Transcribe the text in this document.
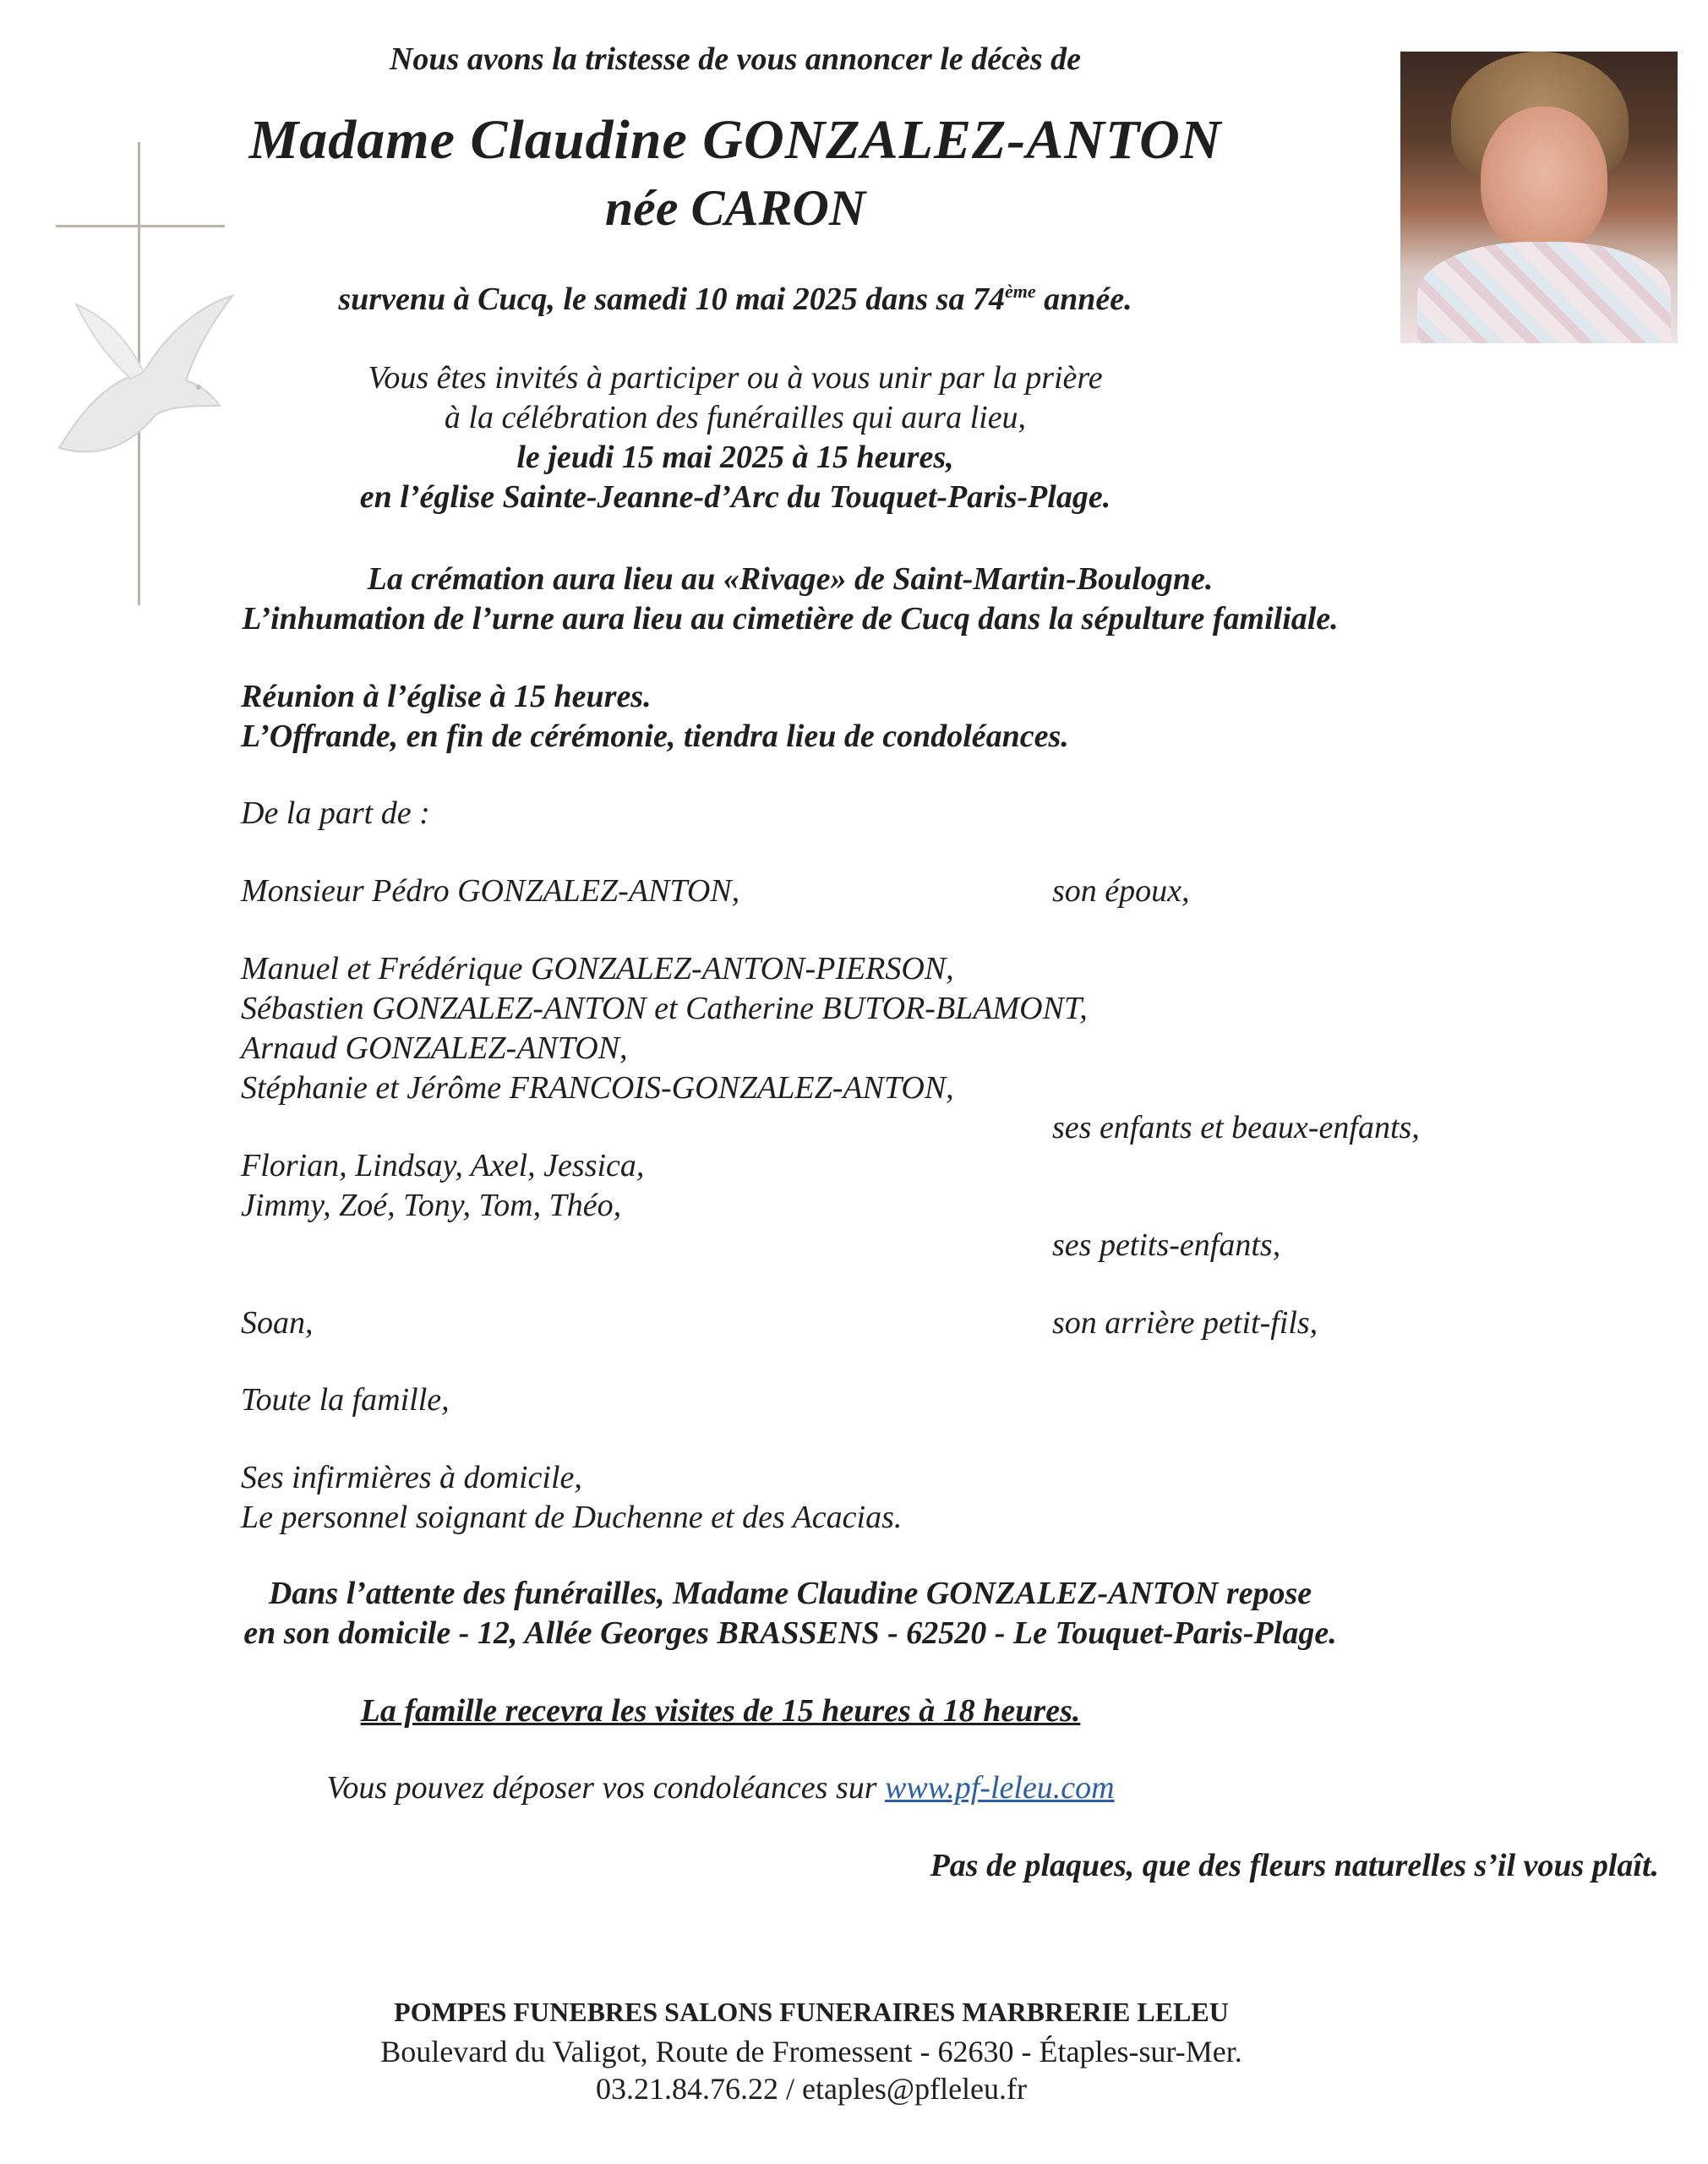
Nous avons la tristesse de vous annoncer le décès de
Madame Claudine GONZALEZ-ANTON
née CARON
survenu à Cucq, le samedi 10 mai 2025 dans sa 74ème année.
Vous êtes invités à participer ou à vous unir par la prière
à la célébration des funérailles qui aura lieu,
le jeudi 15 mai 2025 à 15 heures,
en l’église Sainte-Jeanne-d’Arc du Touquet-Paris-Plage.
La crémation aura lieu au «Rivage» de Saint-Martin-Boulogne.
L’inhumation de l’urne aura lieu au cimetière de Cucq dans la sépulture familiale.
Réunion à l’église à 15 heures.
L’Offrande, en fin de cérémonie, tiendra lieu de condoléances.
De la part de :
Monsieur Pédro GONZALEZ-ANTON,	son époux,
Manuel et Frédérique GONZALEZ-ANTON-PIERSON,
Sébastien GONZALEZ-ANTON et Catherine BUTOR-BLAMONT,
Arnaud GONZALEZ-ANTON,
Stéphanie et Jérôme FRANCOIS-GONZALEZ-ANTON,
ses enfants et beaux-enfants,
Florian, Lindsay, Axel, Jessica,
Jimmy, Zoé, Tony, Tom, Théo,
ses petits-enfants,
Soan,	son arrière petit-fils,
Toute la famille,
Ses infirmières à domicile,
Le personnel soignant de Duchenne et des Acacias.
Dans l’attente des funérailles, Madame Claudine GONZALEZ-ANTON repose
en son domicile - 12, Allée Georges BRASSENS - 62520 - Le Touquet-Paris-Plage.
La famille recevra les visites de 15 heures à 18 heures.
Vous pouvez déposer vos condoléances sur www.pf-leleu.com
Pas de plaques, que des fleurs naturelles s’il vous plaît.
POMPES FUNEBRES SALONS FUNERAIRES MARBRERIE LELEU
Boulevard du Valigot, Route de Fromessent - 62630 - Étaples-sur-Mer.
03.21.84.76.22 / etaples@pfleleu.fr
